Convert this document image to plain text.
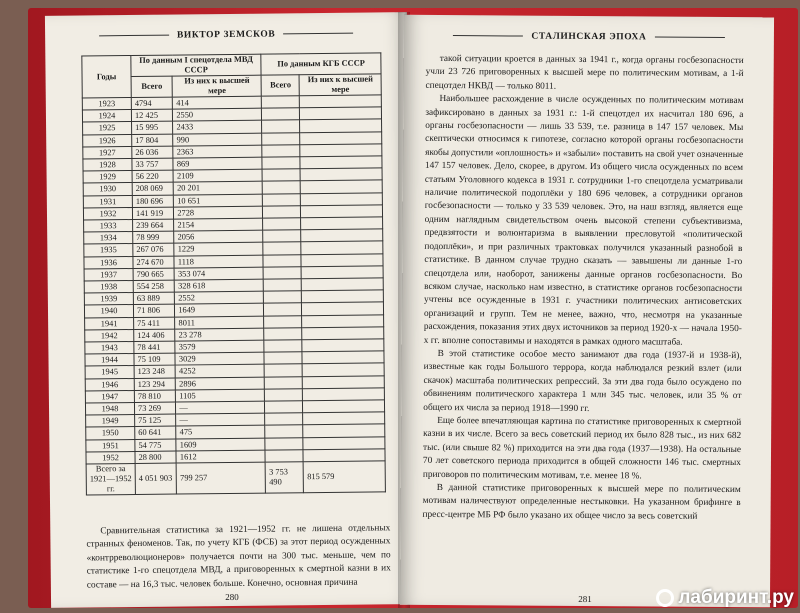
ВИКТОР ЗЕМСКОВ
Годы	По данным I спецотдела МВД СССР		По данным КГБ СССР	
	Всего	Из них к высшей мере	Всего	Из них к высшей мере
1923	4794	414		
1924	12 425	2550		
1925	15 995	2433		
1926	17 804	990		
1927	26 036	2363		
1928	33 757	869		
1929	56 220	2109		
1930	208 069	20 201		
1931	180 696	10 651		
1932	141 919	2728		
1933	239 664	2154		
1934	78 999	2056		
1935	267 076	1229		
1936	274 670	1118		
1937	790 665	353 074		
1938	554 258	328 618		
1939	63 889	2552		
1940	71 806	1649		
1941	75 411	8011		
1942	124 406	23 278		
1943	78 441	3579		
1944	75 109	3029		
1945	123 248	4252		
1946	123 294	2896		
1947	78 810	1105		
1948	73 269	—		
1949	75 125	—		
1950	60 641	475		
1951	54 775	1609		
1952	28 800	1612		
Всего за 1921—1952 гг.	4 051 903	799 257	3 753 490	815 579

Сравнительная статистика за 1921—1952 гг. не лишена отдельных странных феноменов. Так, по учету КГБ (ФСБ) за этот период осужденных «контрреволюционеров» получается почти на 300 тыс. меньше, чем по статистике 1-го спецотдела МВД, а приговоренных к смертной казни в их составе — на 16,3 тыс. человек больше. Конечно, основная причина

280
СТАЛИНСКАЯ ЭПОХА

такой ситуации кроется в данных за 1941 г., когда органы госбезопасности учли 23 726 приговоренных к высшей мере по политическим мотивам, а 1-й спецотдел НКВД — только 8011.

Наибольшее расхождение в числе осужденных по политическим мотивам зафиксировано в данных за 1931 г.: 1-й спецотдел их насчитал 180 696, а органы госбезопасности — лишь 33 539, т.е. разница в 147 157 человек. Мы скептически относимся к гипотезе, согласно которой органы госбезопасности якобы допустили «оплошность» и «забыли» поставить на свой учет означенные 147 157 человек. Дело, скорее, в другом. Из общего числа осужденных по всем статьям Уголовного кодекса в 1931 г. сотрудники 1-го спецотдела усматривали наличие политической подоплёки у 180 696 человек, а сотрудники органов госбезопасности — только у 33 539 человек. Это, на наш взгляд, является еще одним наглядным свидетельством очень высокой степени субъективизма, предвзятости и волюнтаризма в выявлении пресловутой «политической подоплёки», и при различных трактовках получился указанный разнобой в статистике. В данном случае трудно сказать — завышены ли данные 1-го спецотдела или, наоборот, занижены данные органов госбезопасности. Во всяком случае, насколько нам известно, в статистике органов госбезопасности учтены все осужденные в 1931 г. участники политических антисоветских организаций и групп. Тем не менее, важно, что, несмотря на указанные расхождения, показания этих двух источников за период 1920-х — начала 1950-х гг. вполне сопоставимы и находятся в рамках одного масштаба.

В этой статистике особое место занимают два года (1937-й и 1938-й), известные как годы Большого террора, когда наблюдался резкий взлет (или скачок) масштаба политических репрессий. За эти два года было осуждено по обвинениям политического характера 1 млн 345 тыс. человек, или 35 % от общего их числа за период 1918—1990 гг.

Еще более впечатляющая картина по статистике приговоренных к смертной казни в их числе. Всего за весь советский период их было 828 тыс., из них 682 тыс. (или свыше 82 %) приходится на эти два года (1937—1938). На остальные 70 лет советского периода приходится в общей сложности 146 тыс. смертных приговоров по политическим мотивам, т.е. менее 18 %.

В данной статистике приговоренных к высшей мере по политическим мотивам наличествуют определенные нестыковки. На указанном брифинге в пресс-центре МБ РФ было указано их общее число за весь советский

281	лабиринт.ру
